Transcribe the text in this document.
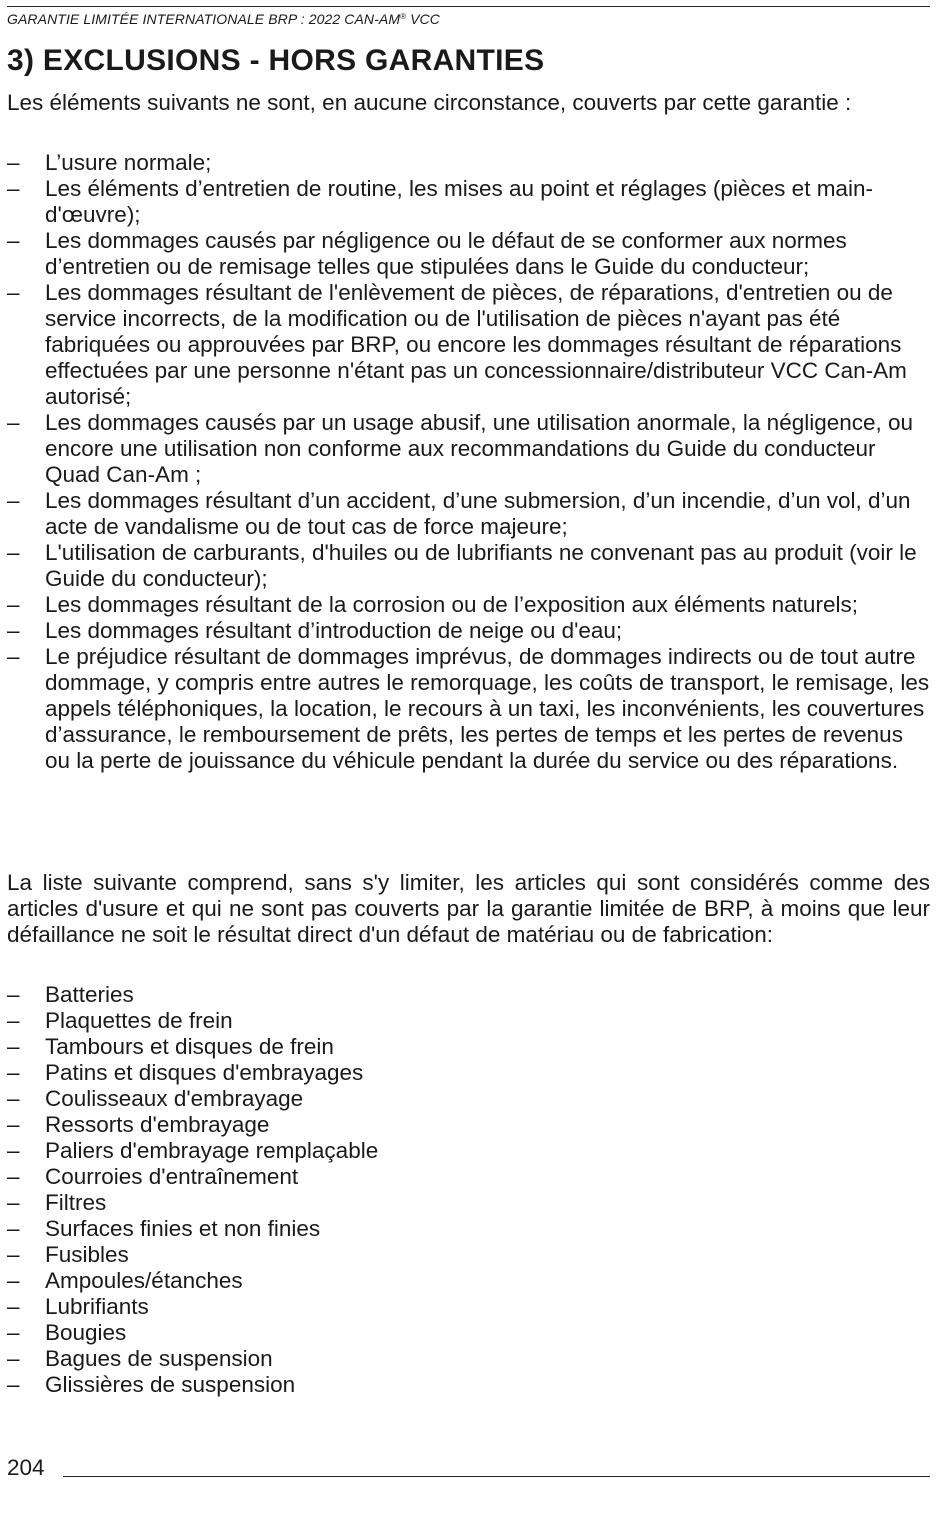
GARANTIE LIMITÉE INTERNATIONALE BRP : 2022 CAN-AM® VCC
3) EXCLUSIONS - HORS GARANTIES

Les éléments suivants ne sont, en aucune circonstance, couverts par cette garantie :

– L’usure normale;
– Les éléments d’entretien de routine, les mises au point et réglages (pièces et main-d'œuvre);
– Les dommages causés par négligence ou le défaut de se conformer aux normes d’entretien ou de remisage telles que stipulées dans le Guide du conducteur;
– Les dommages résultant de l'enlèvement de pièces, de réparations, d'entretien ou de service incorrects, de la modification ou de l'utilisation de pièces n'ayant pas été fabriquées ou approuvées par BRP, ou encore les dommages résultant de réparations effectuées par une personne n'étant pas un concessionnaire/distributeur VCC Can-Am autorisé;
– Les dommages causés par un usage abusif, une utilisation anormale, la négligence, ou encore une utilisation non conforme aux recommandations du Guide du conducteur Quad Can-Am ;
– Les dommages résultant d’un accident, d’une submersion, d’un incendie, d’un vol, d’un acte de vandalisme ou de tout cas de force majeure;
– L'utilisation de carburants, d'huiles ou de lubrifiants ne convenant pas au produit (voir le Guide du conducteur);
– Les dommages résultant de la corrosion ou de l’exposition aux éléments naturels;
– Les dommages résultant d’introduction de neige ou d'eau;
– Le préjudice résultant de dommages imprévus, de dommages indirects ou de tout autre dommage, y compris entre autres le remorquage, les coûts de transport, le remisage, les appels téléphoniques, la location, le recours à un taxi, les inconvénients, les couvertures d’assurance, le remboursement de prêts, les pertes de temps et les pertes de revenus ou la perte de jouissance du véhicule pendant la durée du service ou des réparations.

La liste suivante comprend, sans s'y limiter, les articles qui sont considérés comme des articles d'usure et qui ne sont pas couverts par la garantie limitée de BRP, à moins que leur défaillance ne soit le résultat direct d'un défaut de matériau ou de fabrication:

– Batteries
– Plaquettes de frein
– Tambours et disques de frein
– Patins et disques d'embrayages
– Coulisseaux d'embrayage
– Ressorts d'embrayage
– Paliers d'embrayage remplaçable
– Courroies d'entraînement
– Filtres
– Surfaces finies et non finies
– Fusibles
– Ampoules/étanches
– Lubrifiants
– Bougies
– Bagues de suspension
– Glissières de suspension
204
